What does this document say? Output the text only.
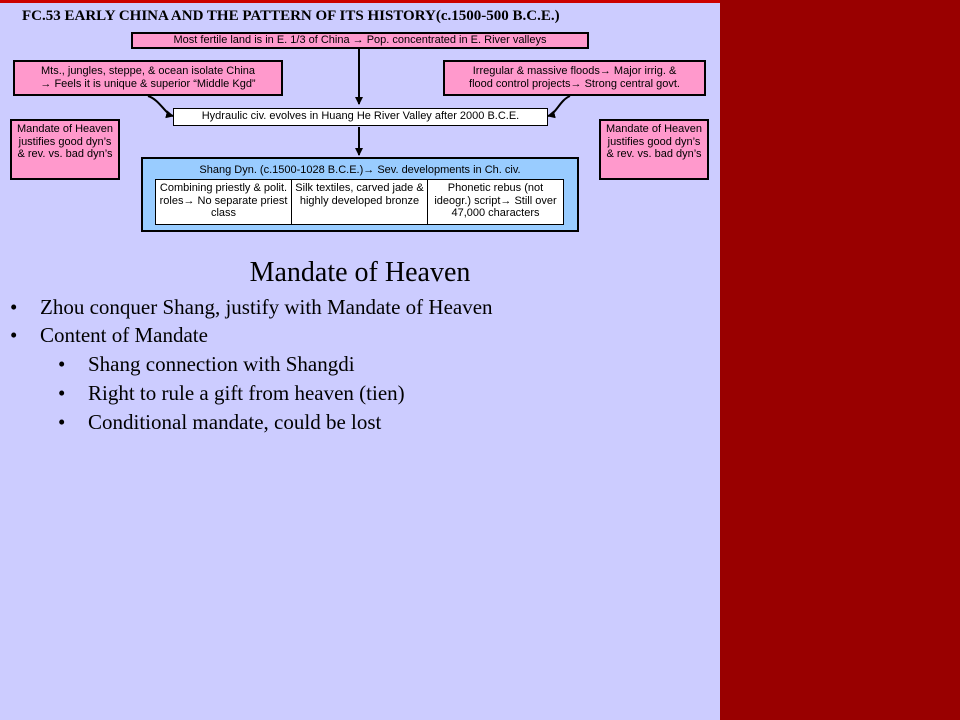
FC.53 EARLY CHINA AND THE PATTERN OF ITS HISTORY(c.1500-500 B.C.E.)
Most fertile land is in E. 1/3 of China → Pop. concentrated in E. River valleys
Mts., jungles, steppe, & ocean isolate China
→ Feels it is unique & superior “Middle Kgd”
Irregular & massive floods→ Major irrig. &
flood control projects→ Strong central govt.
Hydraulic civ. evolves in Huang He River Valley after 2000 B.C.E.
Mandate of Heaven justifies good dyn’s & rev. vs. bad dyn’s
Mandate of Heaven justifies good dyn’s & rev. vs. bad dyn’s
Shang Dyn. (c.1500-1028 B.C.E.)→ Sev. developments in Ch. civ.
Combining priestly & polit. roles→ No separate priest class
Silk textiles, carved jade & highly developed bronze
Phonetic rebus (not ideogr.) script→ Still over 47,000 characters
Mandate of Heaven
• Zhou conquer Shang, justify with Mandate of Heaven
• Content of Mandate
• Shang connection with Shangdi
• Right to rule a gift from heaven (tien)
• Conditional mandate, could be lost
